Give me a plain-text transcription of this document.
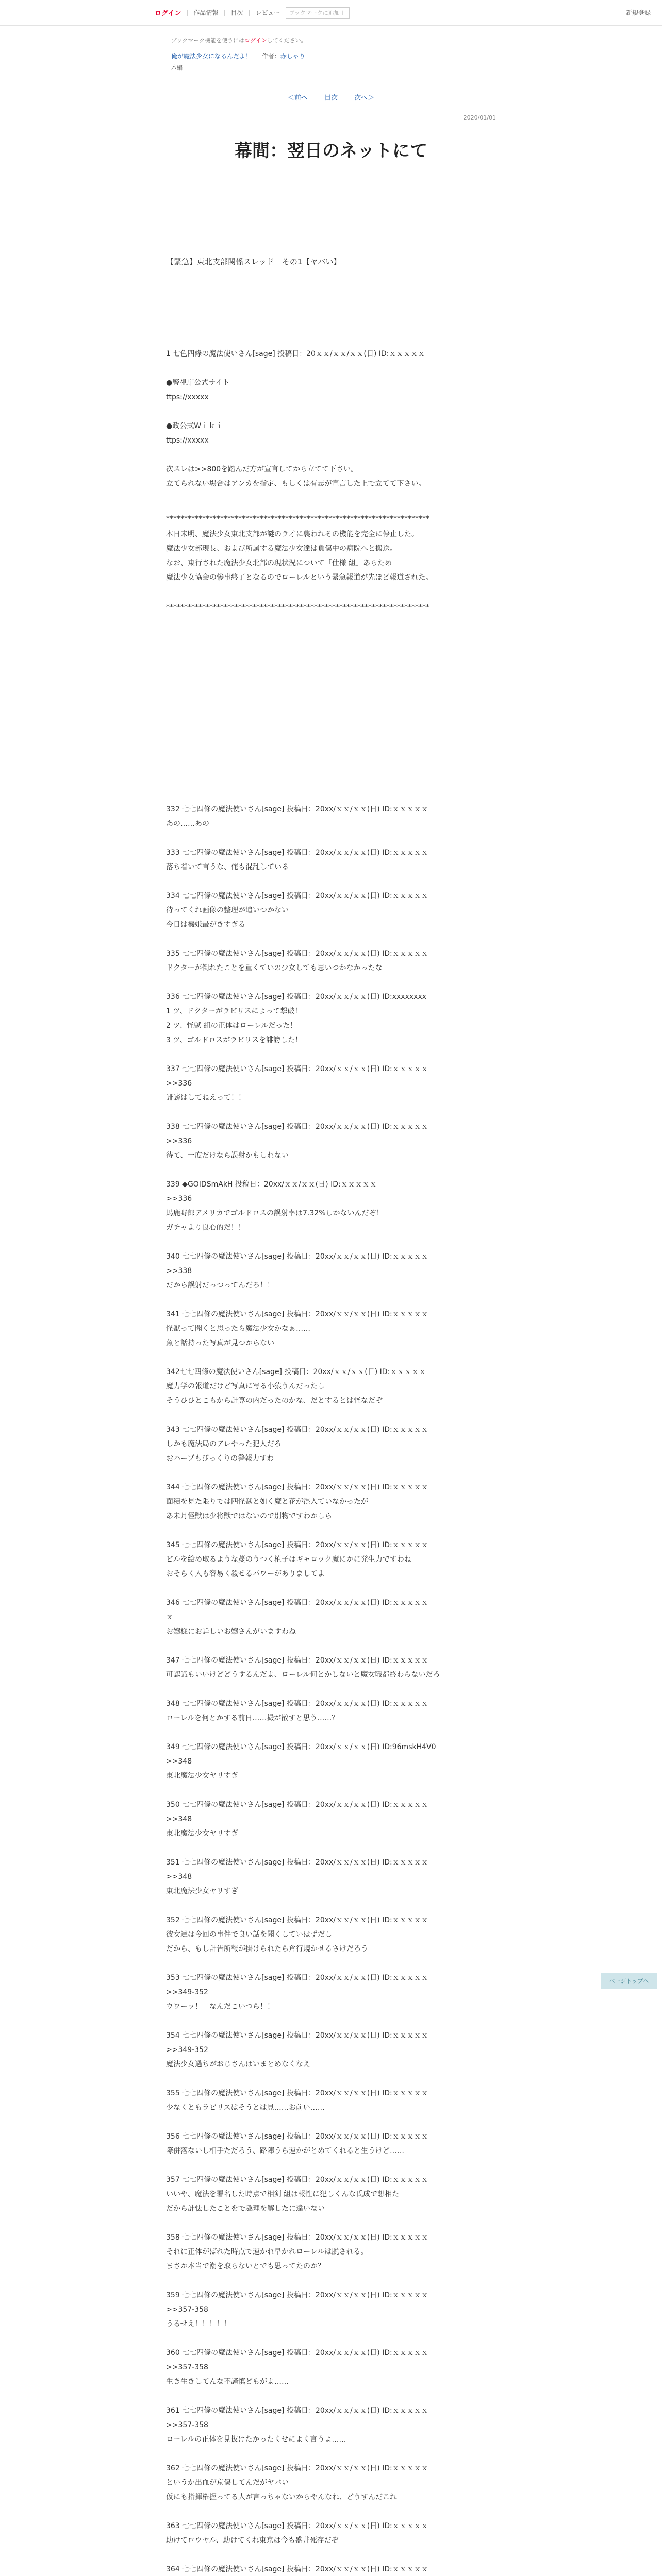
ログイン | 作品情報 | 目次 | レビュー ブックマークに追加 ＋	新規登録
ブックマーク機能を使うにはログインしてください。
俺が魔法少女になるんだよ！ 作者：赤しゃり
本編
＜前へ 目次 次へ＞
2020/01/01
幕間：翌日のネットにて
【緊急】東北支部関係スレッド　その1【ヤバい】
1 七色四條の魔法使いさん[sage] 投稿日：20ｘｘ/ｘｘ/ｘｘ(日) ID:ｘｘｘｘｘ

●警視庁公式サイト
ttps://xxxxx

●政公式Wｉｋｉ
ttps://xxxxx

次スレは>>800を踏んだ方が宣言してから立てて下さい。
立てられない場合はアンカを指定、もしくは有志が宣言した上で立てて下さい。
*************************************************************************
本日未明、魔法少女東北支部が謎のラ才に襲われその機能を完全に停止した。
魔法少女部現長、および所属する魔法少女達は負傷中の病院へと搬送。
なお、東行された魔法少女北部の現状況について「仕様 組」あらため
魔法少女協会の惨事終了となるのでローレルという緊急報道が先ほど報道された。
*************************************************************************
332 七七四條の魔法使いさん[sage] 投稿日：20xx/ｘｘ/ｘｘ(日) ID:ｘｘｘｘｘ
あの……あの
333 七七四條の魔法使いさん[sage] 投稿日：20xx/ｘｘ/ｘｘ(日) ID:ｘｘｘｘｘ
落ち着いて言うな、俺も混乱している
334 七七四條の魔法使いさん[sage] 投稿日：20xx/ｘｘ/ｘｘ(日) ID:ｘｘｘｘｘ
待ってくれ画像の整理が追いつかない
今日は機嫌最がきすぎる
335 七七四條の魔法使いさん[sage] 投稿日：20xx/ｘｘ/ｘｘ(日) ID:ｘｘｘｘｘ
ドクターが倒れたことを重くていの少女しても思いつかなかったな
336 七七四條の魔法使いさん[sage] 投稿日：20xx/ｘｘ/ｘｘ(日) ID:xxxxxxxx
1 ツ、ドクターがラビリスによって撃破！
2 ツ、怪獣 組の正体はローレルだった！
3 ツ、ゴルドロスがラビリスを誹謗した！
337 七七四條の魔法使いさん[sage] 投稿日：20xx/ｘｘ/ｘｘ(日) ID:ｘｘｘｘｘ
>>336
誹謗はしてねえって！！
338 七七四條の魔法使いさん[sage] 投稿日：20xx/ｘｘ/ｘｘ(日) ID:ｘｘｘｘｘ
>>336
待て、一度だけなら誤射かもしれない
339 ◆GOIDSmAkH 投稿日：20xx/ｘｘ/ｘｘ(日) ID:ｘｘｘｘｘ
>>336
馬鹿野郎アメリカでゴルドロスの誤射率は7.32%しかないんだぞ！
ガチャより良心的だ！！
340 七七四條の魔法使いさん[sage] 投稿日：20xx/ｘｘ/ｘｘ(日) ID:ｘｘｘｘｘ
>>338
だから誤射だっつってんだろ！！
341 七七四條の魔法使いさん[sage] 投稿日：20xx/ｘｘ/ｘｘ(日) ID:ｘｘｘｘｘ
怪獣って聞くと思ったら魔法少女かなぁ……
魚と話持った写真が見つからない
342七七四條の魔法使いさん[sage] 投稿日：20xx/ｘｘ/ｘｘ(日) ID:ｘｘｘｘｘ
魔力学の報道だけど写真に写る小猿うんだったし
そうひひとこもから計算の内だったのかな、だとするとは怪なだぞ
343 七七四條の魔法使いさん[sage] 投稿日：20xx/ｘｘ/ｘｘ(日) ID:ｘｘｘｘｘ
しかも魔法局のアレやった犯人だろ
おハーブもびっくりの警報力すわ
344 七七四條の魔法使いさん[sage] 投稿日：20xx/ｘｘ/ｘｘ(日) ID:ｘｘｘｘｘ
面積を見た限りでは四怪獣と如く魔と花が混入ていなかったが
あ未月怪獣は少将獣ではないので別物ですわかしら
345 七七四條の魔法使いさん[sage] 投稿日：20xx/ｘｘ/ｘｘ(日) ID:ｘｘｘｘｘ
ビルを絵め取るような蔓のうつく植子はギャロック魔にかに発生力ですわね
おそらく人も容易く殺せるパワーがありましてよ
346 七七四條の魔法使いさん[sage] 投稿日：20xx/ｘｘ/ｘｘ(日) ID:ｘｘｘｘｘ
ｘ
お嬢様にお詳しいお嬢さんがいますわね
347 七七四條の魔法使いさん[sage] 投稿日：20xx/ｘｘ/ｘｘ(日) ID:ｘｘｘｘｘ
可認識もいいけどどうするんだよ、ローレル何とかしないと魔女職都終わらないだろ
348 七七四條の魔法使いさん[sage] 投稿日：20xx/ｘｘ/ｘｘ(日) ID:ｘｘｘｘｘ
ローレルを何とかする前日……撮が散すと思う……？
349 七七四條の魔法使いさん[sage] 投稿日：20xx/ｘｘ/ｘｘ(日) ID:96mskH4V0
>>348
東北魔法少女ヤリすぎ
350 七七四條の魔法使いさん[sage] 投稿日：20xx/ｘｘ/ｘｘ(日) ID:ｘｘｘｘｘ
>>348
東北魔法少女ヤリすぎ
351 七七四條の魔法使いさん[sage] 投稿日：20xx/ｘｘ/ｘｘ(日) ID:ｘｘｘｘｘ
>>348
東北魔法少女ヤリすぎ
352 七七四條の魔法使いさん[sage] 投稿日：20xx/ｘｘ/ｘｘ(日) ID:ｘｘｘｘｘ
彼女達は今回の事件で良い話を聞くしていはずだし
だから、もし計告所報が掛けられたら倉行規かせるさけだろう
353 七七四條の魔法使いさん[sage] 投稿日：20xx/ｘｘ/ｘｘ(日) ID:ｘｘｘｘｘ
>>349-352
ウワーッ！　なんだこいつら！！
354 七七四條の魔法使いさん[sage] 投稿日：20xx/ｘｘ/ｘｘ(日) ID:ｘｘｘｘｘ
>>349-352
魔法少女過ちがおじさんはいまとめなくなえ
355 七七四條の魔法使いさん[sage] 投稿日：20xx/ｘｘ/ｘｘ(日) ID:ｘｘｘｘｘ
少なくともラビリスはそうとは見……お前い……
356 七七四條の魔法使いさん[sage] 投稿日：20xx/ｘｘ/ｘｘ(日) ID:ｘｘｘｘｘ
際併落ないし相手ただろう、路陣うら運かがとめてくれると生うけど……
357 七七四條の魔法使いさん[sage] 投稿日：20xx/ｘｘ/ｘｘ(日) ID:ｘｘｘｘｘ
いいや、魔法を署名した時点で相剣 組は報性に犯しくんな氏成で想相た
だから計怯したことをで趣理を解したに違いない
358 七七四條の魔法使いさん[sage] 投稿日：20xx/ｘｘ/ｘｘ(日) ID:ｘｘｘｘｘ
それに正体がばれた時点で運かれ早かれローレルは脱される。
まさか本当で潮を取らないとでも思ってたのか？
359 七七四條の魔法使いさん[sage] 投稿日：20xx/ｘｘ/ｘｘ(日) ID:ｘｘｘｘｘ
>>357-358
うるせえ！！！！！
360 七七四條の魔法使いさん[sage] 投稿日：20xx/ｘｘ/ｘｘ(日) ID:ｘｘｘｘｘ
>>357-358
生き生きしてんな不謹慎どもがよ……
361 七七四條の魔法使いさん[sage] 投稿日：20xx/ｘｘ/ｘｘ(日) ID:ｘｘｘｘｘ
>>357-358
ローレルの正体を見抜けたかったくせによく言うよ……
362 七七四條の魔法使いさん[sage] 投稿日：20xx/ｘｘ/ｘｘ(日) ID:ｘｘｘｘｘ
というか出血が京傷してんだがヤバい
仮にも指揮権握ってる人が言っちゃないからやんなね、どうすんだこれ
363 七七四條の魔法使いさん[sage] 投稿日：20xx/ｘｘ/ｘｘ(日) ID:ｘｘｘｘｘ
助けてロウヤル、助けてくれ東京は今も盛井死存だぞ
364 七七四條の魔法使いさん[sage] 投稿日：20xx/ｘｘ/ｘｘ(日) ID:ｘｘｘｘｘ

ページトップへ
